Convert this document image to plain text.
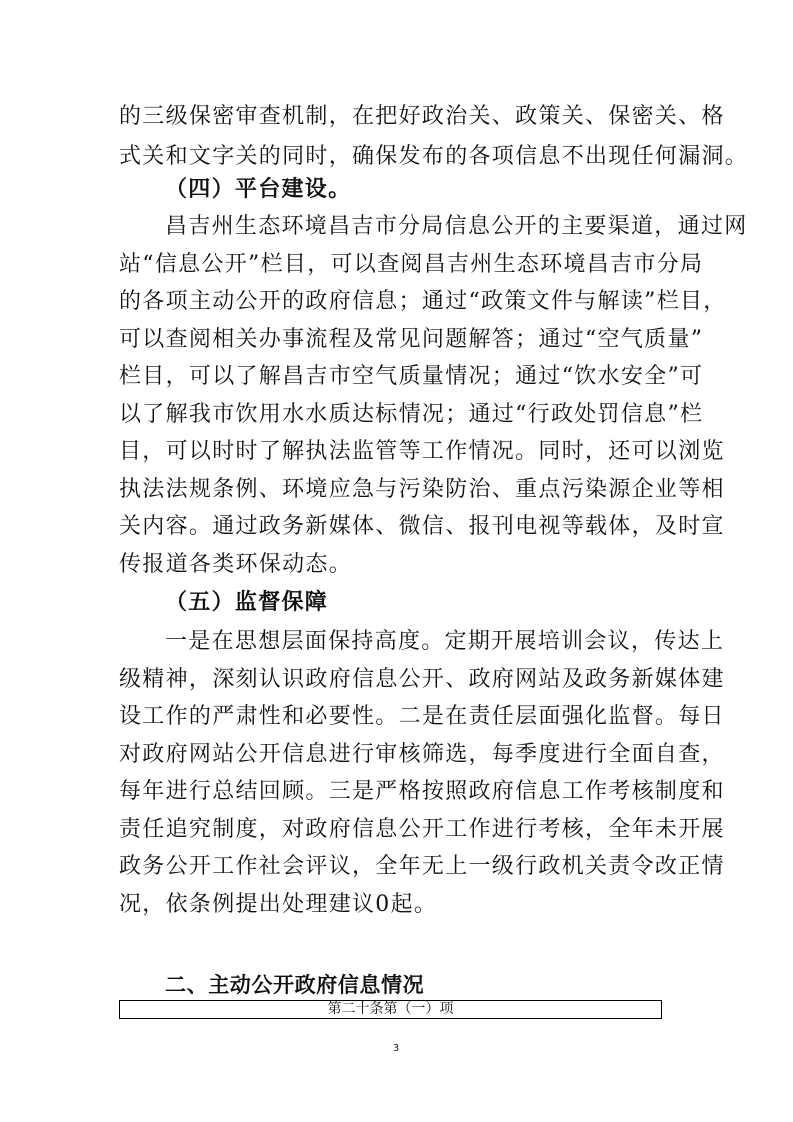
的三级保密审查机制，在把好政治关、政策关、保密关、格
式关和文字关的同时，确保发布的各项信息不出现任何漏洞。
（四）平台建设。
昌吉州生态环境昌吉市分局信息公开的主要渠道，通过网
站“信息公开”栏目，可以查阅昌吉州生态环境昌吉市分局
的各项主动公开的政府信息；通过“政策文件与解读”栏目，
可以查阅相关办事流程及常见问题解答；通过“空气质量”
栏目，可以了解昌吉市空气质量情况；通过“饮水安全”可
以了解我市饮用水水质达标情况；通过“行政处罚信息”栏
目，可以时时了解执法监管等工作情况。同时，还可以浏览
执法法规条例、环境应急与污染防治、重点污染源企业等相
关内容。通过政务新媒体、微信、报刊电视等载体，及时宣
传报道各类环保动态。
（五）监督保障
一是在思想层面保持高度。定期开展培训会议，传达上
级精神，深刻认识政府信息公开、政府网站及政务新媒体建
设工作的严肃性和必要性。二是在责任层面强化监督。每日
对政府网站公开信息进行审核筛选，每季度进行全面自查，
每年进行总结回顾。三是严格按照政府信息工作考核制度和
责任追究制度，对政府信息公开工作进行考核，全年未开展
政务公开工作社会评议，全年无上一级行政机关责令改正情
况，依条例提出处理建议0起。
二、主动公开政府信息情况
第二十条第（一）项
3
